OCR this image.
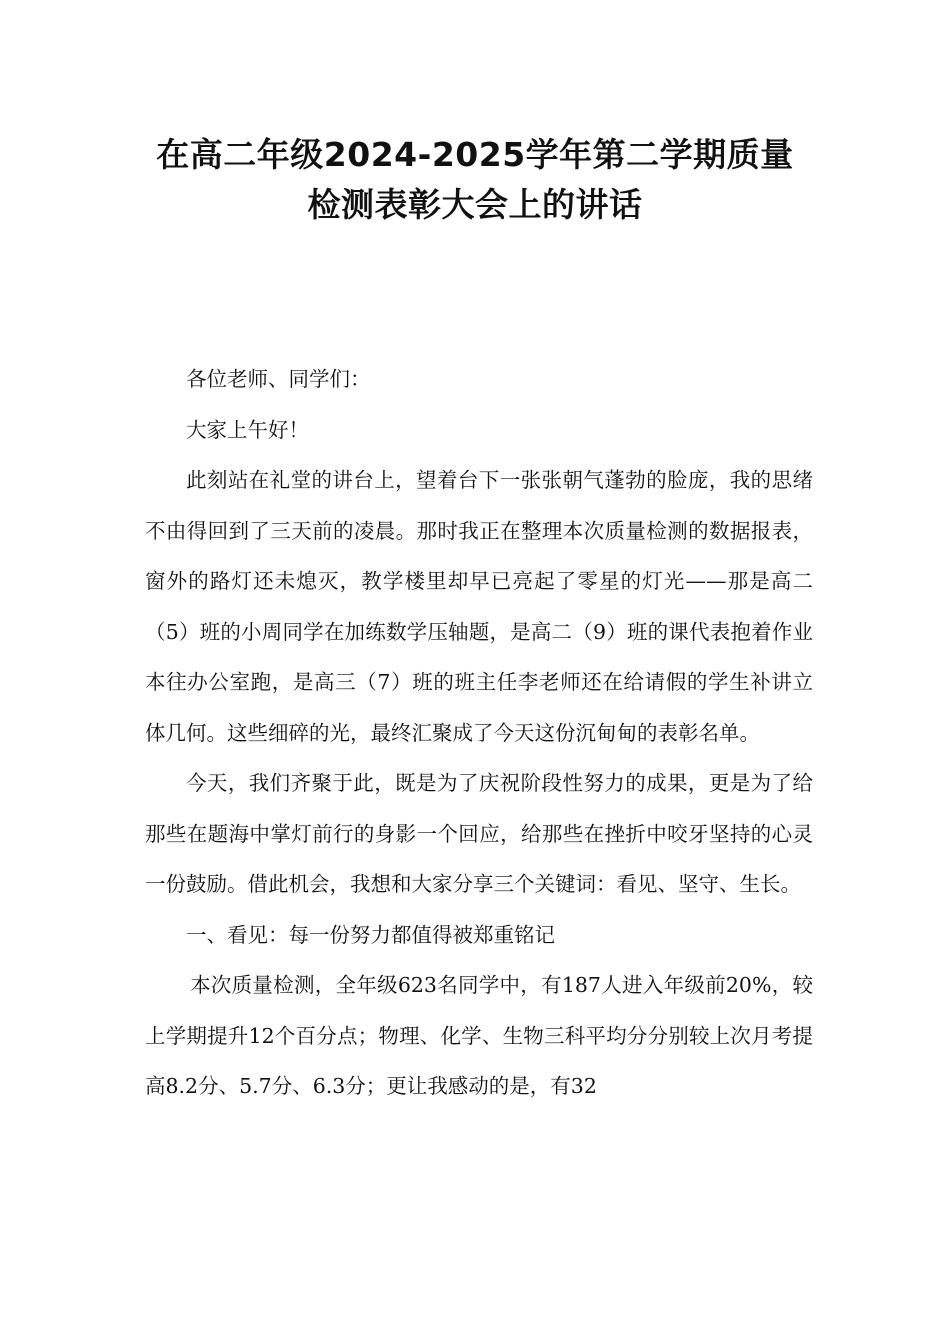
在高二年级2024-2025学年第二学期质量
检测表彰大会上的讲话

各位老师、同学们：

大家上午好！

此刻站在礼堂的讲台上，望着台下一张张朝气蓬勃的脸庞，我的思绪不由得回到了三天前的凌晨。那时我正在整理本次质量检测的数据报表，窗外的路灯还未熄灭，教学楼里却早已亮起了零星的灯光——那是高二（5）班的小周同学在加练数学压轴题，是高二（9）班的课代表抱着作业本往办公室跑，是高三（7）班的班主任李老师还在给请假的学生补讲立体几何。这些细碎的光，最终汇聚成了今天这份沉甸甸的表彰名单。

今天，我们齐聚于此，既是为了庆祝阶段性努力的成果，更是为了给那些在题海中掌灯前行的身影一个回应，给那些在挫折中咬牙坚持的心灵一份鼓励。借此机会，我想和大家分享三个关键词：看见、坚守、生长。

一、看见：每一份努力都值得被郑重铭记

本次质量检测，全年级623名同学中，有187人进入年级前20%，较上学期提升12个百分点；物理、化学、生物三科平均分分别较上次月考提高8.2分、5.7分、6.3分；更让我感动的是，有32
